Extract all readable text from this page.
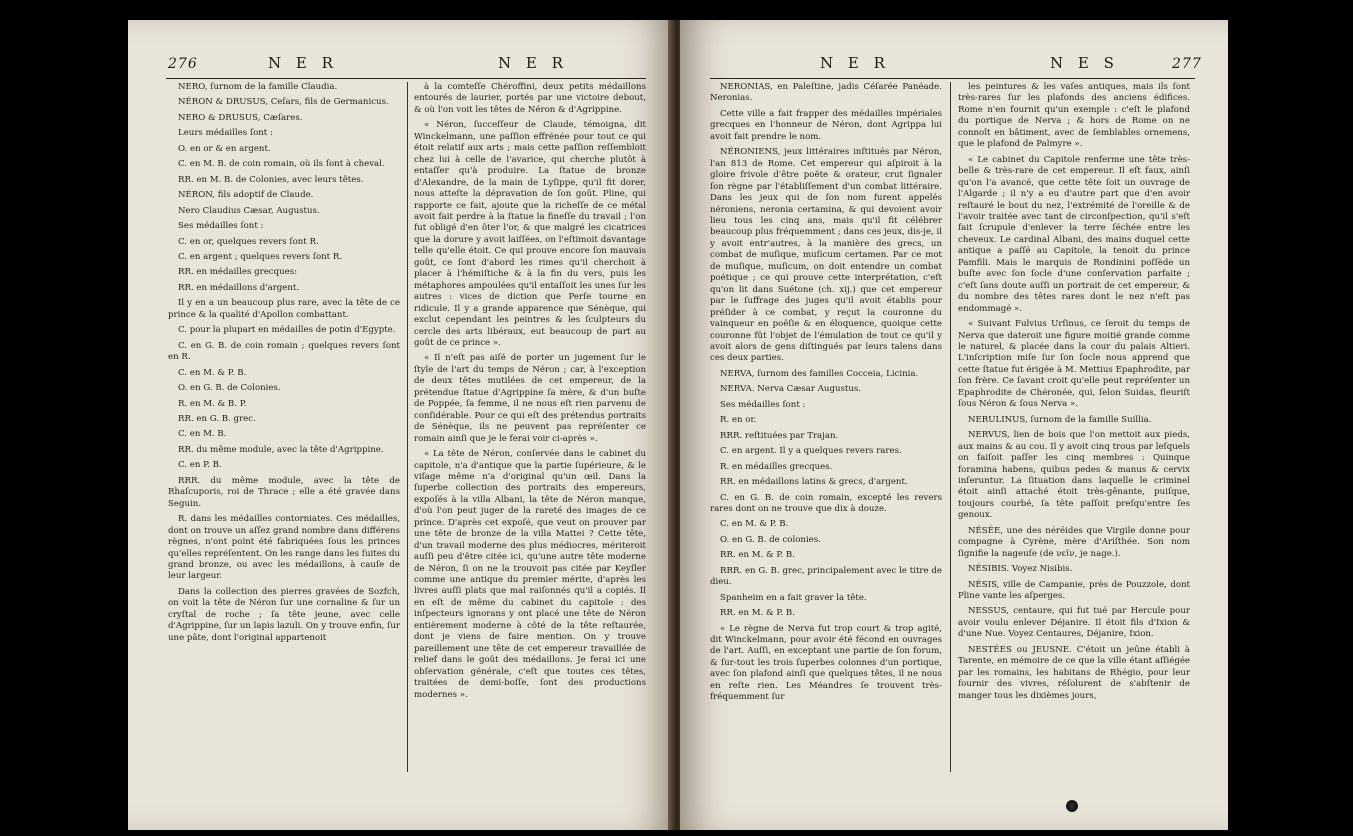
276	N E R	N E R

NERO, ſurnom de la famille Claudia.

NÉRON & DRUSUS, Ceſars, fils de Germanicus.

NERO & DRUSUS, Cæſares.

Leurs médailles ſont :

O. en or & en argent.

C. en M. B. de coin romain, où ils ſont à cheval.

RR. en M. B. de Colonies, avec leurs têtes.

NÉRON, fils adoptif de Claude.

Nero Claudius Cæsar, Augustus.

Ses médailles ſont :

C. en or, quelques revers ſont R.

C. en argent ; quelques revers ſont R.

RR. en médailles grecques:

RR. en médaillons d'argent.

Il y en a un beaucoup plus rare, avec la tête de ce prince & la qualité d'Apollon combattant.

C. pour la plupart en médailles de potin d'Egypte.

C. en G. B. de coin romain ; quelques revers ſont en R.

C. en M. & P. B.

O. en G. B. de Colonies.

R. en M. & B. P.

RR. en G. B. grec.

C. en M. B.

RR. du même module, avec la tête d'Agrippine.

C. en P. B.

RRR. du même module, avec la tête de Rhaſcuporis, roi de Thrace ; elle a été gravée dans Seguin.

R. dans les médailles contorniates. Ces médailles, dont on trouve un aſſez grand nombre dans différens règnes, n'ont point été fabriquées ſous les princes qu'elles repréſentent. On les range dans les ſuites du grand bronze, ou avec les médaillons, à cauſe de leur largeur.

Dans la collection des pierres gravées de Sozfch, on voit la tête de Néron ſur une cornaline & ſur un cryſtal de roche ; ſa tête jeune, avec celle d'Agrippine, ſur un lapis lazuli. On y trouve enfin, ſur une pâte, dont l'original appartenoit

à la comteſſe Chéroffini, deux petits médaillons entourés de laurier, portés par une victoire debout, & où l'on voit les têtes de Néron & d'Agrippine.

« Néron, ſucceſſeur de Claude, témoigna, dit Winckelmann, une paſſion effrénée pour tout ce qui étoit relatif aux arts ; mais cette paſſion reſſembloit chez lui à celle de l'avarice, qui cherche plutôt à entaſſer qu'à produire. La ſtatue de bronze d'Alexandre, de la main de Lyſippe, qu'il fit dorer, nous atteſte la dépravation de ſon goût. Pline, qui rapporte ce fait, ajoute que la richeſſe de ce métal avoit fait perdre à la ſtatue la fineſſe du travail ; l'on fut obligé d'en ôter l'or, & que malgré les cicatrices que la dorure y avoit laiſſées, on l'eſtimoit davantage telle qu'elle étoit. Ce qui prouve encore ſon mauvais goût, ce ſont d'abord les rimes qu'il cherchoit à placer à l'hémiſtiche & à la fin du vers, puis les métaphores ampoulées qu'il entaſſoit les unes ſur les autres : vices de diction que Perſe tourne en ridicule. Il y a grande apparence que Sénèque, qui exclut cependant les peintres & les ſculpteurs du cercle des arts libéraux, eut beaucoup de part au goût de ce prince ».

« Il n'eſt pas aiſé de porter un jugement ſur le ſtyle de l'art du temps de Néron ; car, à l'exception de deux têtes mutilées de cet empereur, de la prétendue ſtatue d'Agrippine ſa mère, & d'un buſte de Poppée, ſa femme, il ne nous eſt rien parvenu de conſidérable. Pour ce qui eſt des prétendus portraits de Sénèque, ils ne peuvent pas repréſenter ce romain ainſi que je le ferai voir ci-après ».

« La tête de Néron, conſervée dans le cabinet du capitole, n'a d'antique que la partie ſupérieure, & le viſage même n'a d'original qu'un œil. Dans la ſuperbe collection des portraits des empereurs, expoſés à la villa Albani, la tête de Néron manque, d'où l'on peut juger de la rareté des images de ce prince. D'après cet expoſé, que veut on prouver par une tête de bronze de la villa Mattei ? Cette tête, d'un travail moderne des plus médiocres, mériteroit auſſi peu d'être citée ici, qu'une autre tête moderne de Néron, ſi on ne la trouvoit pas citée par Keyſler comme une antique du premier mérite, d'après les livres auſſi plats que mal raiſonnés qu'il a copiés. Il en eſt de même du cabinet du capitole : des inſpecteurs ignorans y ont placé une tête de Néron entièrement moderne à côté de la tête reſtaurée, dont je viens de faire mention. On y trouve pareillement une tête de cet empereur travaillée de relief dans le goût des médaillons. Je ferai ici une obſervation générale, c'eſt que toutes ces têtes, traitées de demi-boſſe, ſont des productions modernes ».

N E R	N E S	277

NERONIAS, en Paleſtine, jadis Céſarée Panéade. Neronias.

Cette ville a fait frapper des médailles impériales grecques en l'honneur de Néron, dont Agrippa lui avoit fait prendre le nom.

NÉRONIENS, jeux littéraires inſtitués par Néron, l'an 813 de Rome. Cet empereur qui aſpiroit à la gloire frivole d'être poëte & orateur, crut ſignaler ſon règne par l'établiſſement d'un combat littéraire. Dans les jeux qui de ſon nom furent appelés néroniens, neronia certamina, & qui devoient avoir lieu tous les cinq ans, mais qu'il fit célébrer beaucoup plus fréquemment ; dans ces jeux, dis-je, il y avoit entr'autres, à la manière des grecs, un combat de muſique, muſicum certamen. Par ce mot de muſique, muſicum, on doit entendre un combat poétique ; ce qui prouve cette interprétation, c'eſt qu'on lit dans Suétone (ch. xij.) que cet empereur par le ſuffrage des juges qu'il avoit établis pour préſider à ce combat, y reçut la couronne du vainqueur en poëſie & en éloquence, quoique cette couronne fût l'objet de l'émulation de tout ce qu'il y avoit alors de gens diſtingués par leurs talens dans ces deux parties.

NERVA, ſurnom des familles Cocceia, Licinia.

NERVA. Nerva Cæsar Augustus.

Ses médailles ſont :

R. en or.

RRR. reſtituées par Trajan.

C. en argent. Il y a quelques revers rares.

R. en médailles grecques.

RR. en médaillons latins & grecs, d'argent.

C. en G. B. de coin romain, excepté les revers rares dont on ne trouve que dix à douze.

C. en M. & P. B.

O. en G. B. de colonies.

RR. en M. & P. B.

RRR. en G. B. grec, principalement avec le titre de dieu.

Spanheim en a fait graver la tête.

RR. en M. & P. B.

« Le règne de Nerva fut trop court & trop agité, dit Winckelmann, pour avoir été fécond en ouvrages de l'art. Auſſi, en exceptant une partie de ſon forum, & ſur-tout les trois ſuperbes colonnes d'un portique, avec ſon plafond ainſi que quelques têtes, il ne nous en reſte rien. Les Méandres ſe trouvent très-fréquemment ſur

les peintures & les vaſes antiques, mais ils ſont très-rares ſur les plafonds des anciens édifices. Rome n'en fournit qu'un exemple : c'eſt le plafond du portique de Nerva ; & hors de Rome on ne connoît en bâtiment, avec de ſemblables ornemens, que le plafond de Palmyre ».

« Le cabinet du Capitole renferme une tête très-belle & très-rare de cet empereur. Il eſt faux, ainſi qu'on l'a avancé, que cette tête ſoit un ouvrage de l'Algarde ; il n'y a eu d'autre part que d'en avoir reſtauré le bout du nez, l'extrémité de l'oreille & de l'avoir traitée avec tant de circonſpection, qu'il s'eſt fait ſcrupule d'enlever la terre ſéchée entre les cheveux. Le cardinal Albani, des mains duquel cette antique a paſſé au Capitole, la tenoit du prince Pamfili. Mais le marquis de Rondinini poſſède un buſte avec ſon ſocle d'une conſervation parfaite ; c'eſt ſans doute auſſi un portrait de cet empereur, & du nombre des têtes rares dont le nez n'eſt pas endommagé ».

« Suivant Fulvius Urſinus, ce ſeroit du temps de Nerva que dateroit une figure moitié grande comme le naturel, & placée dans la cour du palais Altieri. L'inſcription miſe ſur ſon ſocle nous apprend que cette ſtatue fut érigée à M. Mettius Epaphrodite, par ſon frère. Ce ſavant croit qu'elle peut repréſenter un Epaphrodite de Chéronée, qui, ſelon Suidas, fleuriſt ſous Néron & ſous Nerva ».

NERULINUS, ſurnom de la famille Suillia.

NERVUS, lien de bois que l'on mettoit aux pieds, aux mains & au cou. Il y avoit cinq trous par leſquels on faiſoit paſſer les cinq membres : Quinque foramina habens, quibus pedes & manus & cervix inſeruntur. La ſituation dans laquelle le criminel étoit ainſi attaché étoit très-gênante, puiſque, toujours courbé, ſa tête paſſoit preſqu'entre ſes genoux.

NÉSÉE, une des néréides que Virgile donne pour compagne à Cyrène, mère d'Ariſthée. Son nom ſignifie la nageuſe (de νεῖν, je nage.).

NÉSIBIS. Voyez Nisibis.

NÉSIS, ville de Campanie, près de Pouzzole, dont Pline vante les aſperges.

NESSUS, centaure, qui fut tué par Hercule pour avoir voulu enlever Déjanire. Il étoit fils d'Ixion & d'une Nue. Voyez Centaures, Déjanire, Ixion.

NESTÉES ou JEUSNE. C'étoit un jeûne établi à Tarente, en mémoire de ce que la ville étant aſſiégée par les romains, les habitans de Rhégio, pour leur fournir des vivres, réſolurent de s'abſtenir de manger tous les dixièmes jours,
